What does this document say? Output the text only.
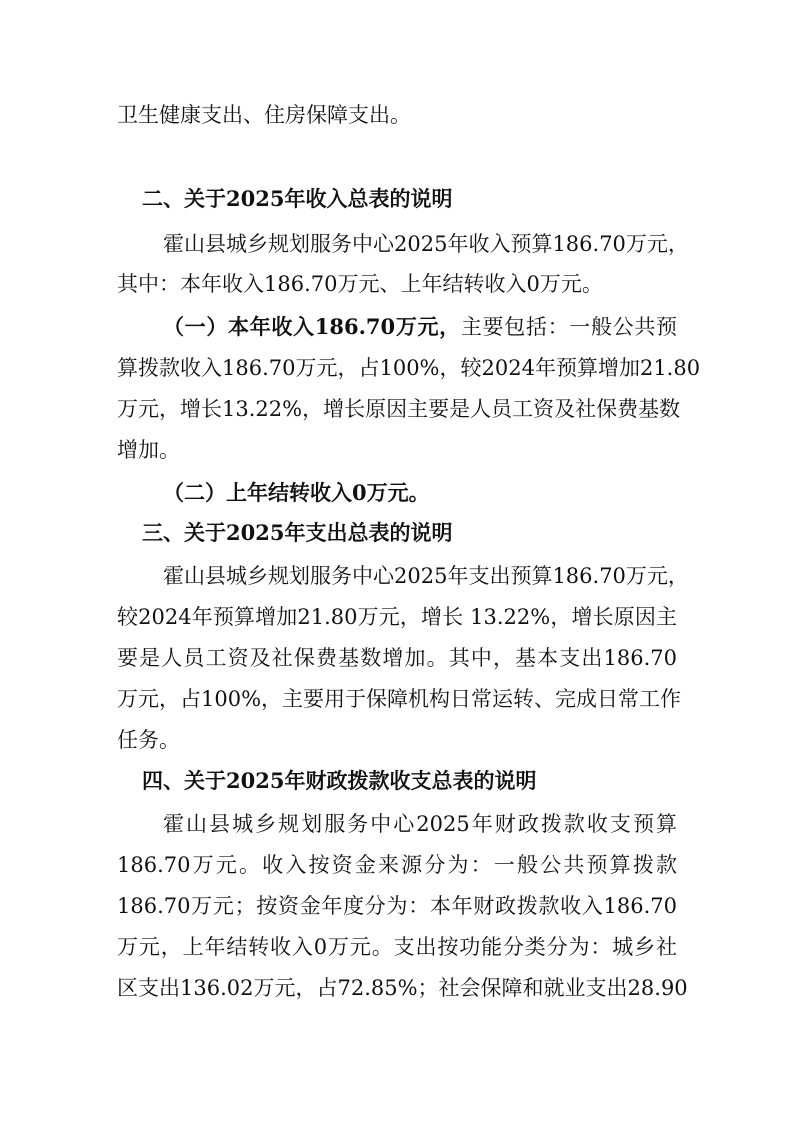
卫生健康支出、住房保障支出。
二、关于2025年收入总表的说明
霍山县城乡规划服务中心2025年收入预算186.70万元，
其中：本年收入186.70万元、上年结转收入0万元。
（一）本年收入186.70万元，主要包括：一般公共预
算拨款收入186.70万元，占100%，较2024年预算增加21.80
万元，增长13.22%，增长原因主要是人员工资及社保费基数
增加。
（二）上年结转收入0万元。
三、关于2025年支出总表的说明
霍山县城乡规划服务中心2025年支出预算186.70万元，
较2024年预算增加21.80万元，增长 13.22%，增长原因主
要是人员工资及社保费基数增加。其中，基本支出186.70
万元，占100%，主要用于保障机构日常运转、完成日常工作
任务。
四、关于2025年财政拨款收支总表的说明
霍山县城乡规划服务中心2025年财政拨款收支预算
186.70万元。收入按资金来源分为：一般公共预算拨款
186.70万元；按资金年度分为：本年财政拨款收入186.70
万元，上年结转收入0万元。支出按功能分类分为：城乡社
区支出136.02万元，占72.85%；社会保障和就业支出28.90
